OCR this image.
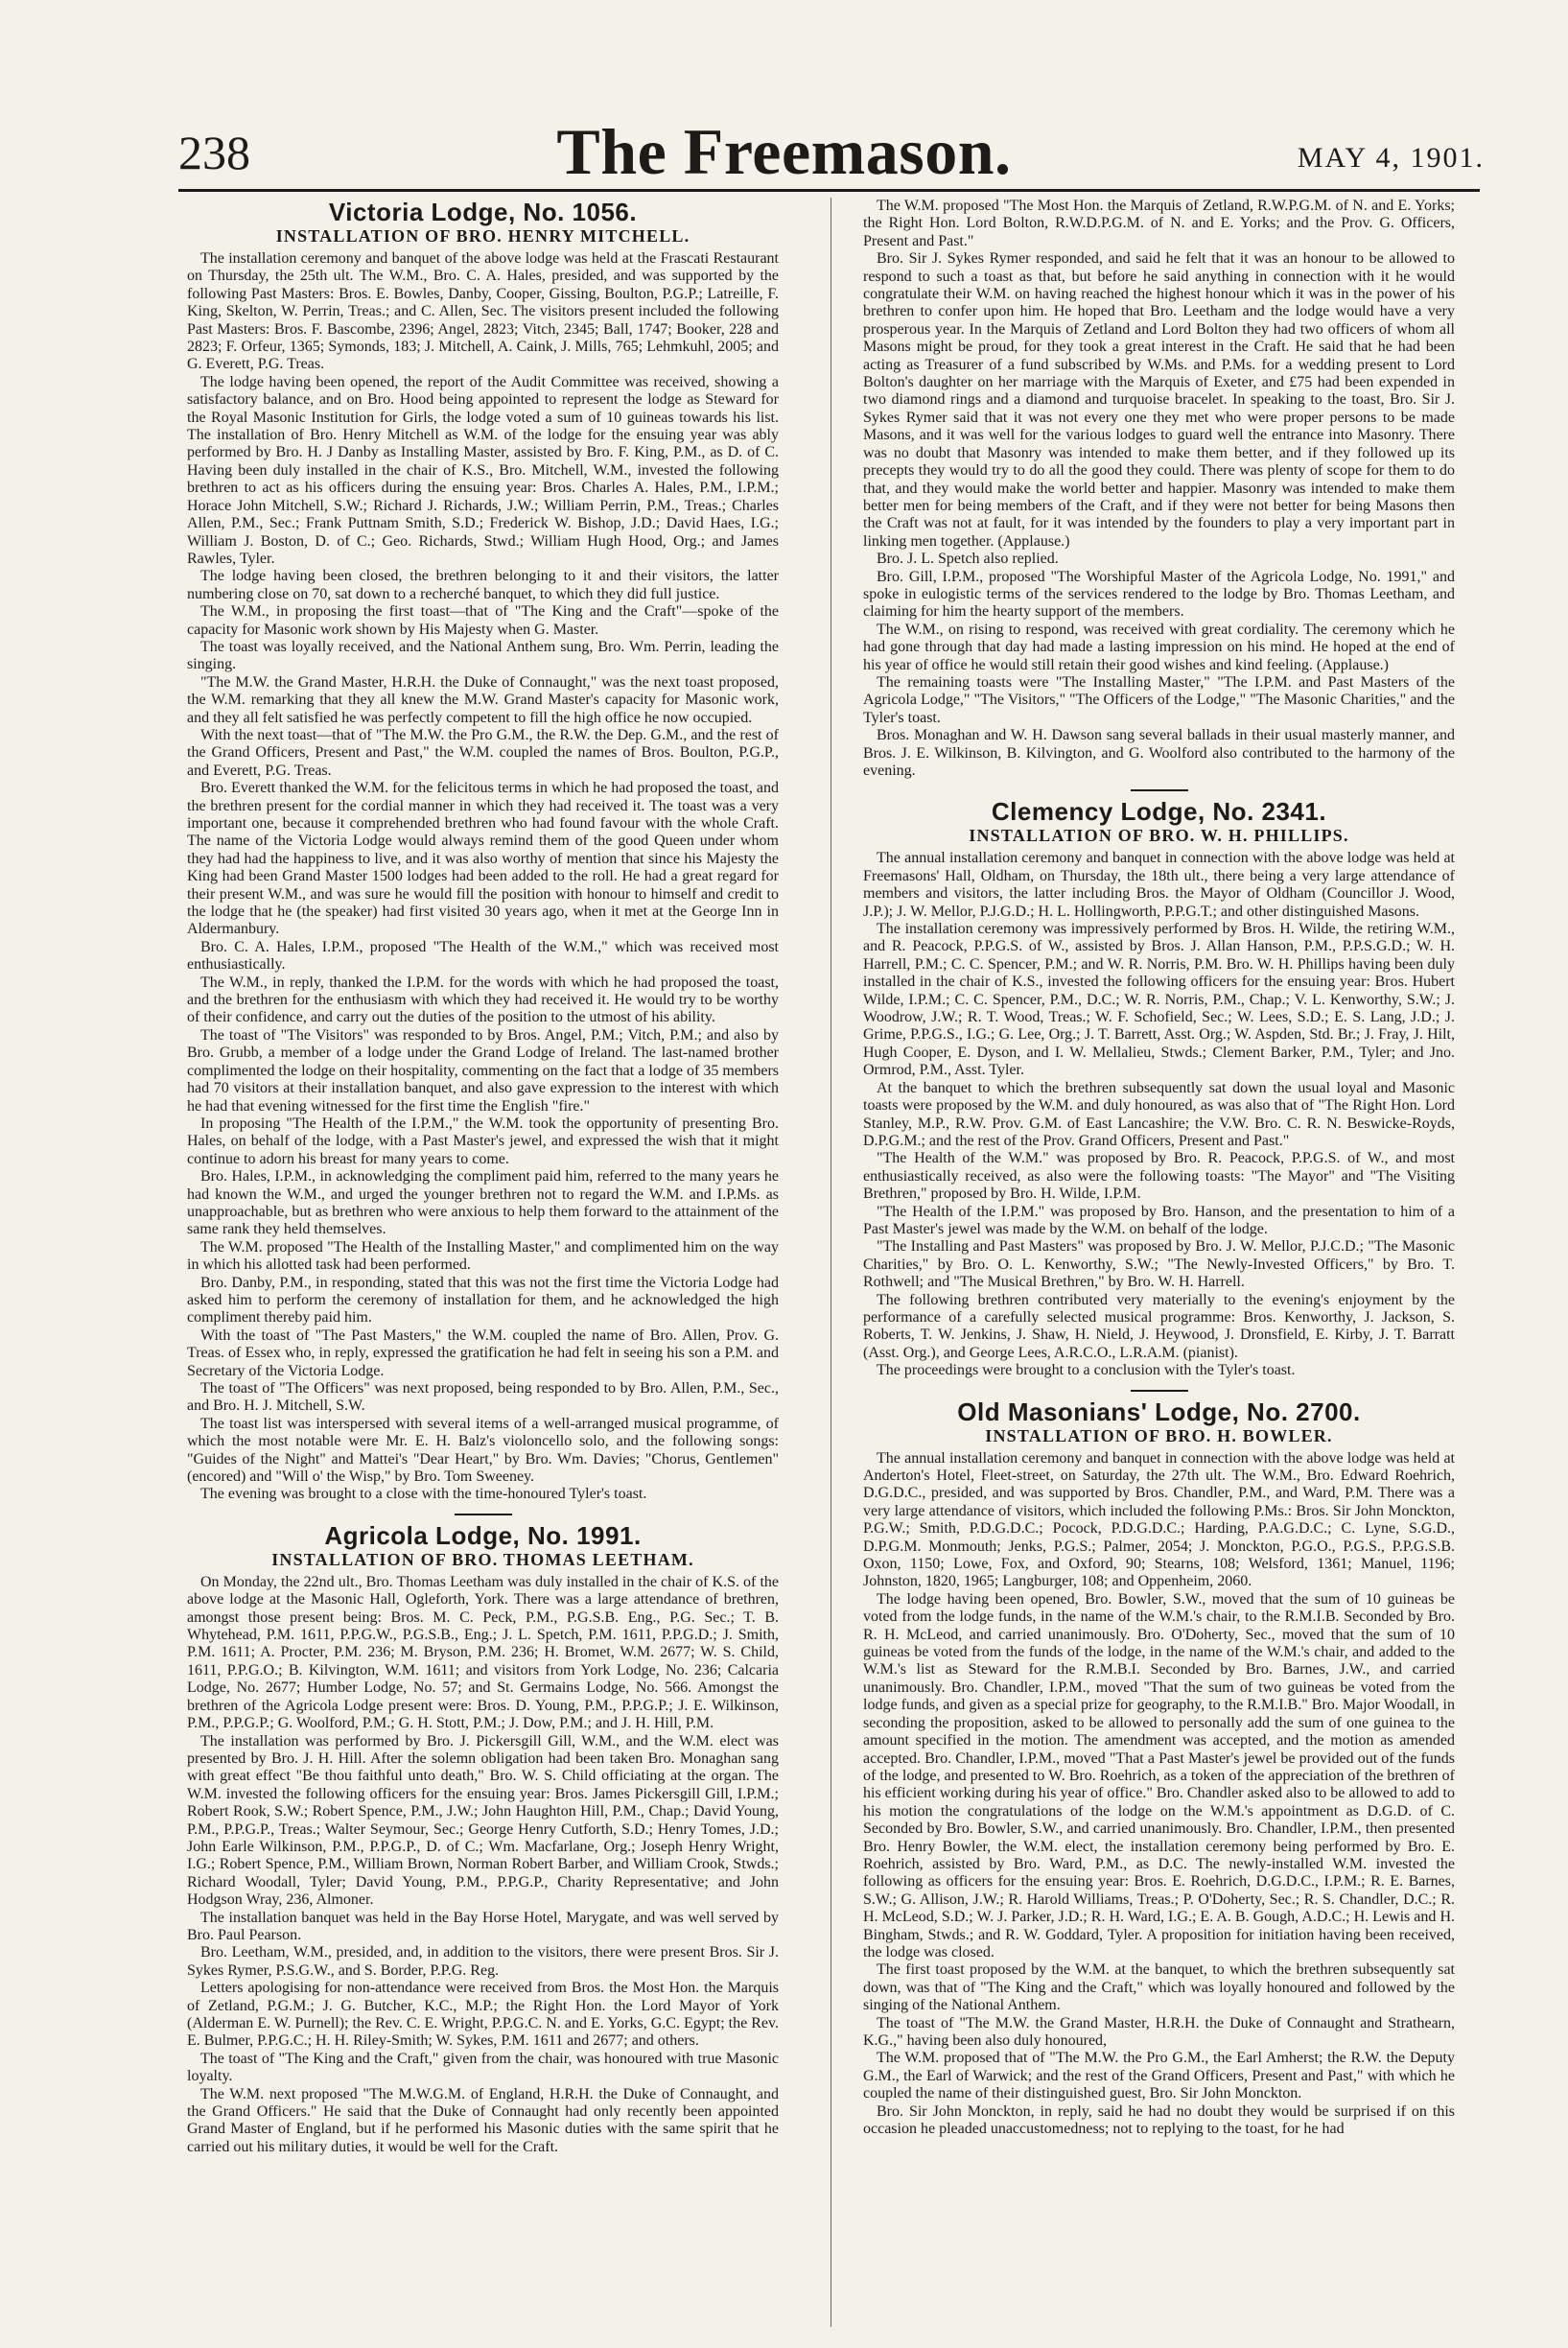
238	The Freemason.	MAY 4, 1901.
Victoria Lodge, No. 1056.
INSTALLATION OF BRO. HENRY MITCHELL.

The installation ceremony and banquet of the above lodge was held at the Frascati Restaurant on Thursday, the 25th ult. The W.M., Bro. C. A. Hales, presided, and was supported by the following Past Masters: Bros. E. Bowles, Danby, Cooper, Gissing, Boulton, P.G.P.; Latreille, F. King, Skelton, W. Perrin, Treas.; and C. Allen, Sec. The visitors present included the following Past Masters: Bros. F. Bascombe, 2396; Angel, 2823; Vitch, 2345; Ball, 1747; Booker, 228 and 2823; F. Orfeur, 1365; Symonds, 183; J. Mitchell, A. Caink, J. Mills, 765; Lehmkuhl, 2005; and G. Everett, P.G. Treas.

The lodge having been opened, the report of the Audit Committee was received, showing a satisfactory balance, and on Bro. Hood being appointed to represent the lodge as Steward for the Royal Masonic Institution for Girls, the lodge voted a sum of 10 guineas towards his list. The installation of Bro. Henry Mitchell as W.M. of the lodge for the ensuing year was ably performed by Bro. H. J Danby as Installing Master, assisted by Bro. F. King, P.M., as D. of C. Having been duly installed in the chair of K.S., Bro. Mitchell, W.M., invested the following brethren to act as his officers during the ensuing year: Bros. Charles A. Hales, P.M., I.P.M.; Horace John Mitchell, S.W.; Richard J. Richards, J.W.; William Perrin, P.M., Treas.; Charles Allen, P.M., Sec.; Frank Puttnam Smith, S.D.; Frederick W. Bishop, J.D.; David Haes, I.G.; William J. Boston, D. of C.; Geo. Richards, Stwd.; William Hugh Hood, Org.; and James Rawles, Tyler.

The lodge having been closed, the brethren belonging to it and their visitors, the latter numbering close on 70, sat down to a recherché banquet, to which they did full justice.

The W.M., in proposing the first toast—that of "The King and the Craft"—spoke of the capacity for Masonic work shown by His Majesty when G. Master.

The toast was loyally received, and the National Anthem sung, Bro. Wm. Perrin, leading the singing.

"The M.W. the Grand Master, H.R.H. the Duke of Connaught," was the next toast proposed, the W.M. remarking that they all knew the M.W. Grand Master's capacity for Masonic work, and they all felt satisfied he was perfectly competent to fill the high office he now occupied.

With the next toast—that of "The M.W. the Pro G.M., the R.W. the Dep. G.M., and the rest of the Grand Officers, Present and Past," the W.M. coupled the names of Bros. Boulton, P.G.P., and Everett, P.G. Treas.

Bro. Everett thanked the W.M. for the felicitous terms in which he had proposed the toast, and the brethren present for the cordial manner in which they had received it. The toast was a very important one, because it comprehended brethren who had found favour with the whole Craft. The name of the Victoria Lodge would always remind them of the good Queen under whom they had had the happiness to live, and it was also worthy of mention that since his Majesty the King had been Grand Master 1500 lodges had been added to the roll. He had a great regard for their present W.M., and was sure he would fill the position with honour to himself and credit to the lodge that he (the speaker) had first visited 30 years ago, when it met at the George Inn in Aldermanbury.

Bro. C. A. Hales, I.P.M., proposed "The Health of the W.M.," which was received most enthusiastically.

The W.M., in reply, thanked the I.P.M. for the words with which he had proposed the toast, and the brethren for the enthusiasm with which they had received it. He would try to be worthy of their confidence, and carry out the duties of the position to the utmost of his ability.

The toast of "The Visitors" was responded to by Bros. Angel, P.M.; Vitch, P.M.; and also by Bro. Grubb, a member of a lodge under the Grand Lodge of Ireland. The last-named brother complimented the lodge on their hospitality, commenting on the fact that a lodge of 35 members had 70 visitors at their installation banquet, and also gave expression to the interest with which he had that evening witnessed for the first time the English "fire."

In proposing "The Health of the I.P.M.," the W.M. took the opportunity of presenting Bro. Hales, on behalf of the lodge, with a Past Master's jewel, and expressed the wish that it might continue to adorn his breast for many years to come.

Bro. Hales, I.P.M., in acknowledging the compliment paid him, referred to the many years he had known the W.M., and urged the younger brethren not to regard the W.M. and I.P.Ms. as unapproachable, but as brethren who were anxious to help them forward to the attainment of the same rank they held themselves.

The W.M. proposed "The Health of the Installing Master," and complimented him on the way in which his allotted task had been performed.

Bro. Danby, P.M., in responding, stated that this was not the first time the Victoria Lodge had asked him to perform the ceremony of installation for them, and he acknowledged the high compliment thereby paid him.

With the toast of "The Past Masters," the W.M. coupled the name of Bro. Allen, Prov. G. Treas. of Essex who, in reply, expressed the gratification he had felt in seeing his son a P.M. and Secretary of the Victoria Lodge.

The toast of "The Officers" was next proposed, being responded to by Bro. Allen, P.M., Sec., and Bro. H. J. Mitchell, S.W.

The toast list was interspersed with several items of a well-arranged musical programme, of which the most notable were Mr. E. H. Balz's violoncello solo, and the following songs: "Guides of the Night" and Mattei's "Dear Heart," by Bro. Wm. Davies; "Chorus, Gentlemen" (encored) and "Will o' the Wisp," by Bro. Tom Sweeney.

The evening was brought to a close with the time-honoured Tyler's toast.

Agricola Lodge, No. 1991.
INSTALLATION OF BRO. THOMAS LEETHAM.

On Monday, the 22nd ult., Bro. Thomas Leetham was duly installed in the chair of K.S. of the above lodge at the Masonic Hall, Ogleforth, York. There was a large attendance of brethren, amongst those present being: Bros. M. C. Peck, P.M., P.G.S.B. Eng., P.G. Sec.; T. B. Whytehead, P.M. 1611, P.P.G.W., P.G.S.B., Eng.; J. L. Spetch, P.M. 1611, P.P.G.D.; J. Smith, P.M. 1611; A. Procter, P.M. 236; M. Bryson, P.M. 236; H. Bromet, W.M. 2677; W. S. Child, 1611, P.P.G.O.; B. Kilvington, W.M. 1611; and visitors from York Lodge, No. 236; Calcaria Lodge, No. 2677; Humber Lodge, No. 57; and St. Germains Lodge, No. 566. Amongst the brethren of the Agricola Lodge present were: Bros. D. Young, P.M., P.P.G.P.; J. E. Wilkinson, P.M., P.P.G.P.; G. Woolford, P.M.; G. H. Stott, P.M.; J. Dow, P.M.; and J. H. Hill, P.M.

The installation was performed by Bro. J. Pickersgill Gill, W.M., and the W.M. elect was presented by Bro. J. H. Hill. After the solemn obligation had been taken Bro. Monaghan sang with great effect "Be thou faithful unto death," Bro. W. S. Child officiating at the organ. The W.M. invested the following officers for the ensuing year: Bros. James Pickersgill Gill, I.P.M.; Robert Rook, S.W.; Robert Spence, P.M., J.W.; John Haughton Hill, P.M., Chap.; David Young, P.M., P.P.G.P., Treas.; Walter Seymour, Sec.; George Henry Cutforth, S.D.; Henry Tomes, J.D.; John Earle Wilkinson, P.M., P.P.G.P., D. of C.; Wm. Macfarlane, Org.; Joseph Henry Wright, I.G.; Robert Spence, P.M., William Brown, Norman Robert Barber, and William Crook, Stwds.; Richard Woodall, Tyler; David Young, P.M., P.P.G.P., Charity Representative; and John Hodgson Wray, 236, Almoner.

The installation banquet was held in the Bay Horse Hotel, Marygate, and was well served by Bro. Paul Pearson.

Bro. Leetham, W.M., presided, and, in addition to the visitors, there were present Bros. Sir J. Sykes Rymer, P.S.G.W., and S. Border, P.P.G. Reg.

Letters apologising for non-attendance were received from Bros. the Most Hon. the Marquis of Zetland, P.G.M.; J. G. Butcher, K.C., M.P.; the Right Hon. the Lord Mayor of York (Alderman E. W. Purnell); the Rev. C. E. Wright, P.P.G.C. N. and E. Yorks, G.C. Egypt; the Rev. E. Bulmer, P.P.G.C.; H. H. Riley-Smith; W. Sykes, P.M. 1611 and 2677; and others.

The toast of "The King and the Craft," given from the chair, was honoured with true Masonic loyalty.

The W.M. next proposed "The M.W.G.M. of England, H.R.H. the Duke of Connaught, and the Grand Officers." He said that the Duke of Connaught had only recently been appointed Grand Master of England, but if he performed his Masonic duties with the same spirit that he carried out his military duties, it would be well for the Craft.

The W.M. proposed "The Most Hon. the Marquis of Zetland, R.W.P.G.M. of N. and E. Yorks; the Right Hon. Lord Bolton, R.W.D.P.G.M. of N. and E. Yorks; and the Prov. G. Officers, Present and Past."

Bro. Sir J. Sykes Rymer responded, and said he felt that it was an honour to be allowed to respond to such a toast as that, but before he said anything in connection with it he would congratulate their W.M. on having reached the highest honour which it was in the power of his brethren to confer upon him. He hoped that Bro. Leetham and the lodge would have a very prosperous year. In the Marquis of Zetland and Lord Bolton they had two officers of whom all Masons might be proud, for they took a great interest in the Craft. He said that he had been acting as Treasurer of a fund subscribed by W.Ms. and P.Ms. for a wedding present to Lord Bolton's daughter on her marriage with the Marquis of Exeter, and £75 had been expended in two diamond rings and a diamond and turquoise bracelet. In speaking to the toast, Bro. Sir J. Sykes Rymer said that it was not every one they met who were proper persons to be made Masons, and it was well for the various lodges to guard well the entrance into Masonry. There was no doubt that Masonry was intended to make them better, and if they followed up its precepts they would try to do all the good they could. There was plenty of scope for them to do that, and they would make the world better and happier. Masonry was intended to make them better men for being members of the Craft, and if they were not better for being Masons then the Craft was not at fault, for it was intended by the founders to play a very important part in linking men together. (Applause.)

Bro. J. L. Spetch also replied.

Bro. Gill, I.P.M., proposed "The Worshipful Master of the Agricola Lodge, No. 1991," and spoke in eulogistic terms of the services rendered to the lodge by Bro. Thomas Leetham, and claiming for him the hearty support of the members.

The W.M., on rising to respond, was received with great cordiality. The ceremony which he had gone through that day had made a lasting impression on his mind. He hoped at the end of his year of office he would still retain their good wishes and kind feeling. (Applause.)

The remaining toasts were "The Installing Master," "The I.P.M. and Past Masters of the Agricola Lodge," "The Visitors," "The Officers of the Lodge," "The Masonic Charities," and the Tyler's toast.

Bros. Monaghan and W. H. Dawson sang several ballads in their usual masterly manner, and Bros. J. E. Wilkinson, B. Kilvington, and G. Woolford also contributed to the harmony of the evening.

Clemency Lodge, No. 2341.
INSTALLATION OF BRO. W. H. PHILLIPS.

The annual installation ceremony and banquet in connection with the above lodge was held at Freemasons' Hall, Oldham, on Thursday, the 18th ult., there being a very large attendance of members and visitors, the latter including Bros. the Mayor of Oldham (Councillor J. Wood, J.P.); J. W. Mellor, P.J.G.D.; H. L. Hollingworth, P.P.G.T.; and other distinguished Masons.

The installation ceremony was impressively performed by Bros. H. Wilde, the retiring W.M., and R. Peacock, P.P.G.S. of W., assisted by Bros. J. Allan Hanson, P.M., P.P.S.G.D.; W. H. Harrell, P.M.; C. C. Spencer, P.M.; and W. R. Norris, P.M. Bro. W. H. Phillips having been duly installed in the chair of K.S., invested the following officers for the ensuing year: Bros. Hubert Wilde, I.P.M.; C. C. Spencer, P.M., D.C.; W. R. Norris, P.M., Chap.; V. L. Kenworthy, S.W.; J. Woodrow, J.W.; R. T. Wood, Treas.; W. F. Schofield, Sec.; W. Lees, S.D.; E. S. Lang, J.D.; J. Grime, P.P.G.S., I.G.; G. Lee, Org.; J. T. Barrett, Asst. Org.; W. Aspden, Std. Br.; J. Fray, J. Hilt, Hugh Cooper, E. Dyson, and I. W. Mellalieu, Stwds.; Clement Barker, P.M., Tyler; and Jno. Ormrod, P.M., Asst. Tyler.

At the banquet to which the brethren subsequently sat down the usual loyal and Masonic toasts were proposed by the W.M. and duly honoured, as was also that of "The Right Hon. Lord Stanley, M.P., R.W. Prov. G.M. of East Lancashire; the V.W. Bro. C. R. N. Beswicke-Royds, D.P.G.M.; and the rest of the Prov. Grand Officers, Present and Past."

"The Health of the W.M." was proposed by Bro. R. Peacock, P.P.G.S. of W., and most enthusiastically received, as also were the following toasts: "The Mayor" and "The Visiting Brethren," proposed by Bro. H. Wilde, I.P.M.

"The Health of the I.P.M." was proposed by Bro. Hanson, and the presentation to him of a Past Master's jewel was made by the W.M. on behalf of the lodge.

"The Installing and Past Masters" was proposed by Bro. J. W. Mellor, P.J.C.D.; "The Masonic Charities," by Bro. O. L. Kenworthy, S.W.; "The Newly-Invested Officers," by Bro. T. Rothwell; and "The Musical Brethren," by Bro. W. H. Harrell.

The following brethren contributed very materially to the evening's enjoyment by the performance of a carefully selected musical programme: Bros. Kenworthy, J. Jackson, S. Roberts, T. W. Jenkins, J. Shaw, H. Nield, J. Heywood, J. Dronsfield, E. Kirby, J. T. Barratt (Asst. Org.), and George Lees, A.R.C.O., L.R.A.M. (pianist).

The proceedings were brought to a conclusion with the Tyler's toast.

Old Masonians' Lodge, No. 2700.
INSTALLATION OF BRO. H. BOWLER.

The annual installation ceremony and banquet in connection with the above lodge was held at Anderton's Hotel, Fleet-street, on Saturday, the 27th ult. The W.M., Bro. Edward Roehrich, D.G.D.C., presided, and was supported by Bros. Chandler, P.M., and Ward, P.M. There was a very large attendance of visitors, which included the following P.Ms.: Bros. Sir John Monckton, P.G.W.; Smith, P.D.G.D.C.; Pocock, P.D.G.D.C.; Harding, P.A.G.D.C.; C. Lyne, S.G.D., D.P.G.M. Monmouth; Jenks, P.G.S.; Palmer, 2054; J. Monckton, P.G.O., P.G.S., P.P.G.S.B. Oxon, 1150; Lowe, Fox, and Oxford, 90; Stearns, 108; Welsford, 1361; Manuel, 1196; Johnston, 1820, 1965; Langburger, 108; and Oppenheim, 2060.

The lodge having been opened, Bro. Bowler, S.W., moved that the sum of 10 guineas be voted from the lodge funds, in the name of the W.M.'s chair, to the R.M.I.B. Seconded by Bro. R. H. McLeod, and carried unanimously. Bro. O'Doherty, Sec., moved that the sum of 10 guineas be voted from the funds of the lodge, in the name of the W.M.'s chair, and added to the W.M.'s list as Steward for the R.M.B.I. Seconded by Bro. Barnes, J.W., and carried unanimously. Bro. Chandler, I.P.M., moved "That the sum of two guineas be voted from the lodge funds, and given as a special prize for geography, to the R.M.I.B." Bro. Major Woodall, in seconding the proposition, asked to be allowed to personally add the sum of one guinea to the amount specified in the motion. The amendment was accepted, and the motion as amended accepted. Bro. Chandler, I.P.M., moved "That a Past Master's jewel be provided out of the funds of the lodge, and presented to W. Bro. Roehrich, as a token of the appreciation of the brethren of his efficient working during his year of office." Bro. Chandler asked also to be allowed to add to his motion the congratulations of the lodge on the W.M.'s appointment as D.G.D. of C. Seconded by Bro. Bowler, S.W., and carried unanimously. Bro. Chandler, I.P.M., then presented Bro. Henry Bowler, the W.M. elect, the installation ceremony being performed by Bro. E. Roehrich, assisted by Bro. Ward, P.M., as D.C. The newly-installed W.M. invested the following as officers for the ensuing year: Bros. E. Roehrich, D.G.D.C., I.P.M.; R. E. Barnes, S.W.; G. Allison, J.W.; R. Harold Williams, Treas.; P. O'Doherty, Sec.; R. S. Chandler, D.C.; R. H. McLeod, S.D.; W. J. Parker, J.D.; R. H. Ward, I.G.; E. A. B. Gough, A.D.C.; H. Lewis and H. Bingham, Stwds.; and R. W. Goddard, Tyler. A proposition for initiation having been received, the lodge was closed.

The first toast proposed by the W.M. at the banquet, to which the brethren subsequently sat down, was that of "The King and the Craft," which was loyally honoured and followed by the singing of the National Anthem.

The toast of "The M.W. the Grand Master, H.R.H. the Duke of Connaught and Strathearn, K.G.," having been also duly honoured,

The W.M. proposed that of "The M.W. the Pro G.M., the Earl Amherst; the R.W. the Deputy G.M., the Earl of Warwick; and the rest of the Grand Officers, Present and Past," with which he coupled the name of their distinguished guest, Bro. Sir John Monckton.

Bro. Sir John Monckton, in reply, said he had no doubt they would be surprised if on this occasion he pleaded unaccustomedness; not to replying to the toast, for he had
